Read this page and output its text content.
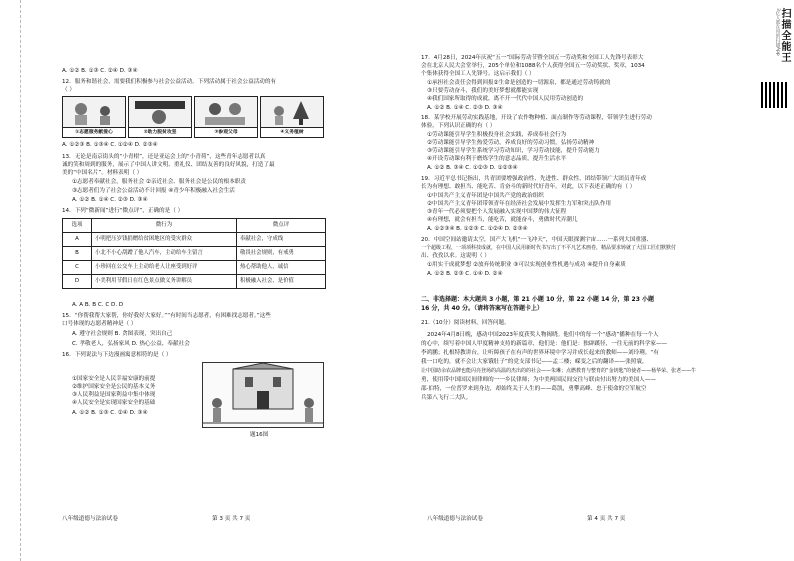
A. ①② B. ①③ C. ②④ D. ③④
12．服务和谐社会，需要我们积极参与社会公益活动。下列活动属于社会公益活动的有
（ ）
①志愿服务献爱心	②助力脱贫攻坚	③参观父母	④义务植树
A. ①②③ B. ①③④ C. ①②④ D. ②③④
13．无论是南京街头的“小青柑”，还是亚运会上的“小青荷”，这些青年志愿者以真
诚的笑和周到的服务，展示了中国人讲文明、重礼仪、团结友善的良好风貌，打造了最
美的“中国名片”。材料表明（ ）
①志愿者奉献社会，服务社会 ②亲近社会、服务社会是公民的根本职责
③志愿者们为了社会公益活动不计回报 ④青少年积极融入社会生活
A. ①② B. ①④ C. ②③ D. ③④
14．下列“微新闻”进行“微点评”，正确的是（ ）
选项	微行为	微点评
A	小明把压岁钱捐赠给贫困地区的受灾群众	奉献社会，守成线
B	小北不小心刮蹭了他人汽车，主动给车主留言	敬畏社会规则，有戒勇
C	小珍回在公交车上主动给老人让座受到好评	热心帮助他人，诚信
D	小美利用节假日在红色景点做义务讲解员	积极融入社会，是价值
A. A B. B C. C D. D
15．“你帮我帮大家帮，你好我好大家好。”“有时间当志愿者，有困难找志愿者。”这些
口号体现的志愿者精神是（ ）
A. 遵守社会规则 B. 贪图表现，突出自己
C. 孝敬老人，弘扬家风 D. 热心公益，奉献社会
16．下列说法与下边漫画寓意相符的是（ ）
①国家安全是人民幸福安康的前提
②维护国家安全是公民的基本义务
③人民利益是国家利益中集中体现
④人民安全是实现国家安全的基础
A. ①② B. ①③ C. ②④ D. ③④
题16图
八年级道德与法治试卷	第 3 页 共 7 页
17．4月28日，2024年庆祝“五一”国际劳动节暨全国五一劳动奖和全国工人先锋号表彰大
会在北京人民大会堂举行，205个单位和1088名个人获得全国五一劳动奖状、奖章，1034
个集体获得全国工人先锋号。这启示我们（ ）
①承担社会责任会得到回报②生命是创造的一切源泉，都是通过劳动铸就的
③只要劳动奋斗，我们的美好梦想就都能实现
④我们国家所取得的成就，离不开一代代中国人民用劳动创造的
A. ①② B. ①④ C. ②③ D. ③④
18．某学校开展劳动实践基地，开设了农作物种植、面点制作等劳动课程，带领学生进行劳动
体验。下列认识正确的有（ ）
①劳动课能引导学生积极投身社会实践，养成奉社会行为
②劳动课能引导学生热爱劳动，养成良好的劳动习惯，弘扬劳动精神
③劳动课能引导学生系统学习劳动知识，学习劳动技能，提升劳动能力
④开设劳动课有利于磨炼学生的意志品质，提升生活水平
A. ①② B. ③④ C. ①②③ D. ①②③④
19．习近平总书记指出，共青团要增强政治性、先进性、群众性，团结带领广大团员青年成
长为有理想、敢担当、能吃苦、肯奋斗的新时代好青年。对此，以下表述正确的有（ ）
①中国共产主义青年团是中国共产党的政治组织
②中国共产主义青年团带领青年在经济社会发展中发挥生力军和突击队作用
③青年一代必须要把个人发展融入实现中国梦的伟大征程
④有理想，就会有担当，能吃苦，就能奋斗，勇做时代弄潮儿
A. ①②③④ B. ①②③ C. ①②④ D. ②③④
20．中国空间站邀请太空，国产大飞机“一飞冲天”，中国天眼探测宇宙……一系列大国重器、
一个超级工程，一项项科技成就，在中国人民用新时代书写出了不平凡艺术画卷，精品要求铸就了大国工匠们默默付
出、孜孜以求。这说明（ ）
①用实干成就梦想 ②放弃传统职业 ③可以实现创业性机遇与成功 ④提升自身素质
A. ①② B. ②③ C. ①④ D. ②④
二、非选择题：本大题共 3 小题，第 21 小题 10 分，第 22 小题 14 分，第 23 小题
16 分，共 40 分。（请将答案写在答题卡上）
21.（10分）阅读材料，回答问题。
2024年4月8日晚，感动中国2023年度获奖人物揭晓。他们中的每一个“感动”播种在每一个人
的心中，续写着中国人甲度精神支持的新篇章，他们是：他们是：独辟蹊径，一往无前的科学家——
李鸿鹏；扎根特教讲台，让听障孩子在有声的世界环境中学习并成长起来的教师——刘玲琍。“有
我一口吃的，就不会让大家饿肚子”的党支部书记——孟二楼；嵘变之后的翻译——张照寰，
让中国助余农品牌也能闪亮登场的高温的杰出的的社会——朱琳；点燃教育与整育的“金钥匙”的使者——杨华荣、张老——牛
勇，使用带中国国民间律师的一一乡民律师；为中美两国民间交往与联由付出努力的美国人——
邵·伯特，一位普罗来到身边，却始终关于人生的——葛凯，勇攀高峰、忠于使命的空军航空
兵第八飞行二大队。
八年级道德与法治试卷	第 4 页 共 7 页
扫描全能王
3亿人都在用的扫描App
